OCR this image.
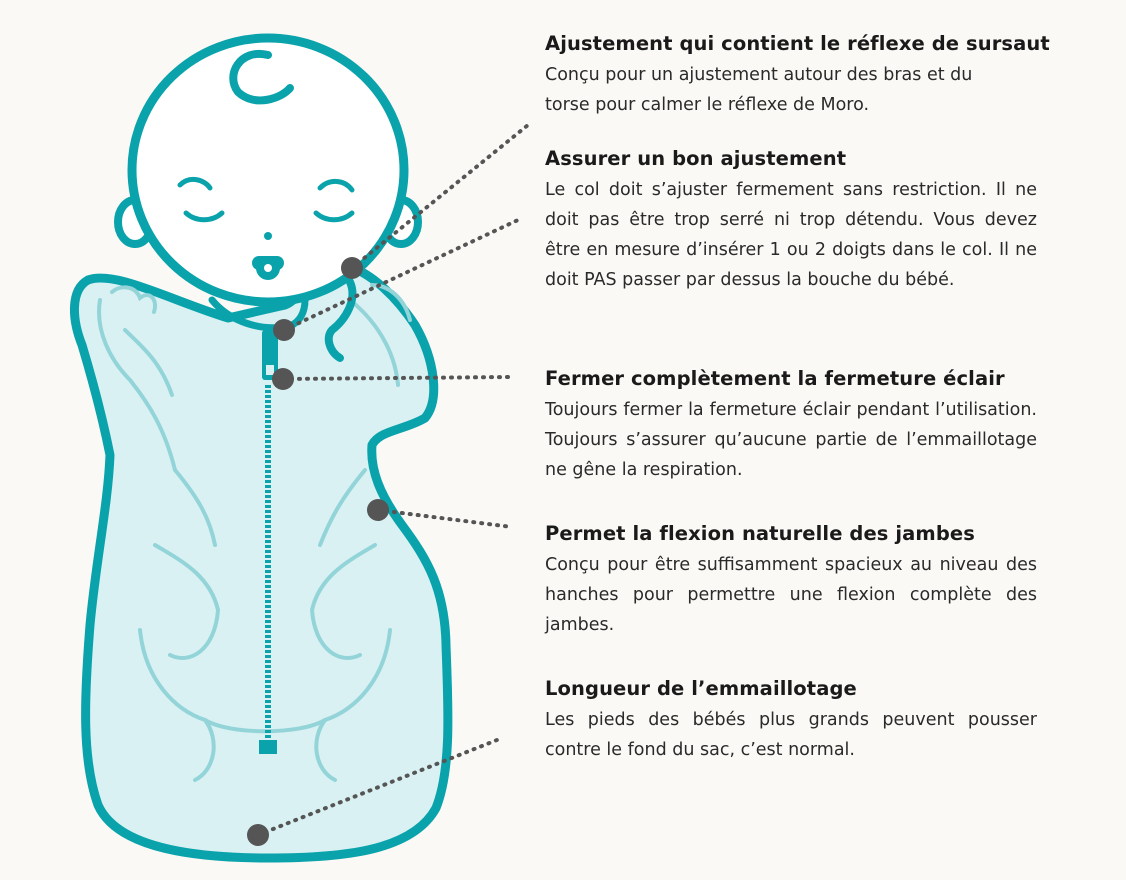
Ajustement qui contient le réflexe de sursaut

Conçu pour un ajustement autour des bras et du torse pour calmer le réflexe de Moro.

Assurer un bon ajustement

Le col doit s’ajuster fermement sans restriction. Il ne doit pas être trop serré ni trop détendu. Vous devez être en mesure d’insérer 1 ou 2 doigts dans le col. Il ne doit PAS passer par dessus la bouche du bébé.

Fermer complètement la fermeture éclair

Toujours fermer la fermeture éclair pendant l’utilisation. Toujours s’assurer qu’aucune partie de l’emmaillotage ne gêne la respiration.

Permet la flexion naturelle des jambes

Conçu pour être suffisamment spacieux au niveau des hanches pour permettre une flexion complète des jambes.

Longueur de l’emmaillotage

Les pieds des bébés plus grands peuvent pousser contre le fond du sac, c’est normal.
